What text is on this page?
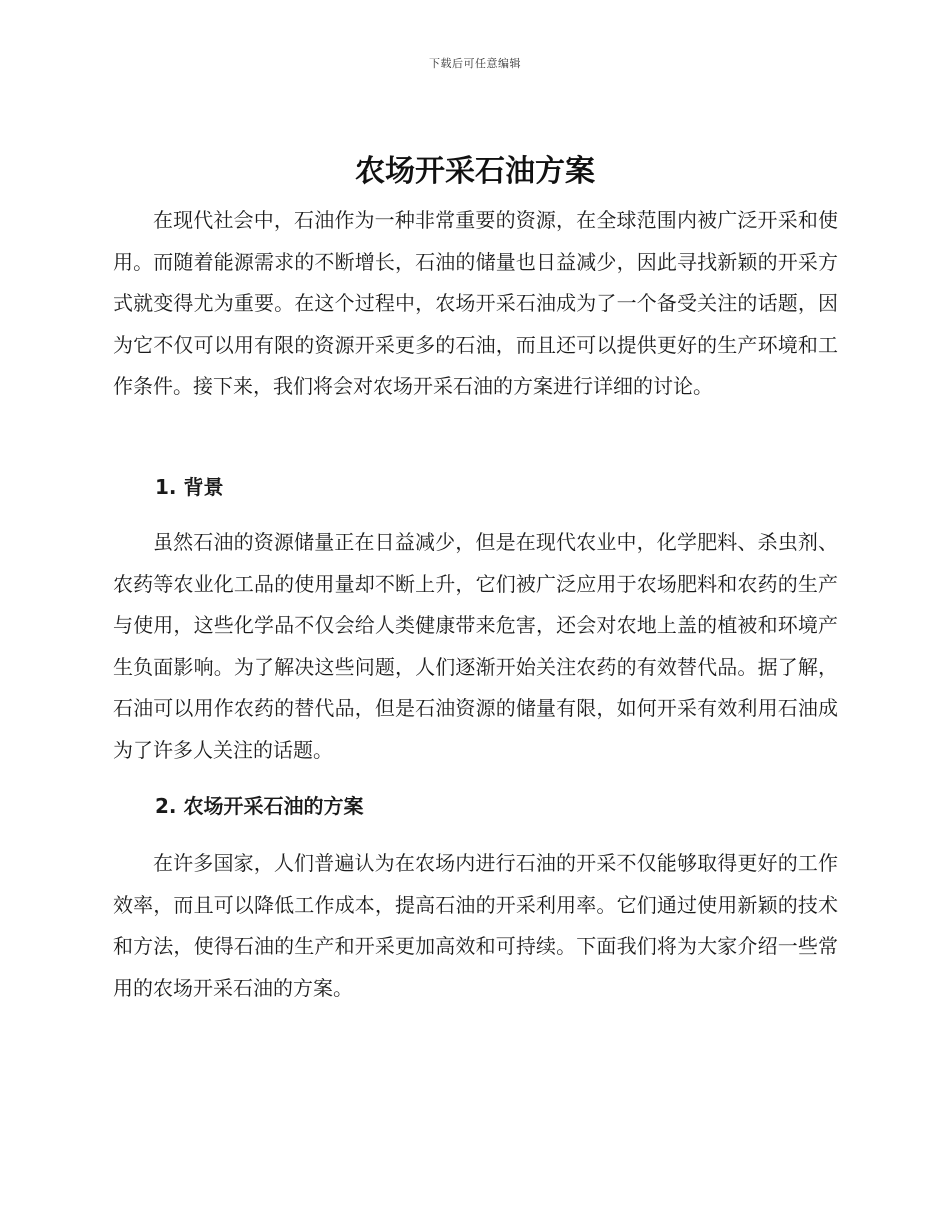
下载后可任意编辑
农场开采石油方案

在现代社会中，石油作为一种非常重要的资源，在全球范围内被广泛开采和使用。而随着能源需求的不断增长，石油的储量也日益减少，因此寻找新颖的开采方式就变得尤为重要。在这个过程中，农场开采石油成为了一个备受关注的话题，因为它不仅可以用有限的资源开采更多的石油，而且还可以提供更好的生产环境和工作条件。接下来，我们将会对农场开采石油的方案进行详细的讨论。

1. 背景

虽然石油的资源储量正在日益减少，但是在现代农业中，化学肥料、杀虫剂、农药等农业化工品的使用量却不断上升，它们被广泛应用于农场肥料和农药的生产与使用，这些化学品不仅会给人类健康带来危害，还会对农地上盖的植被和环境产生负面影响。为了解决这些问题，人们逐渐开始关注农药的有效替代品。据了解，石油可以用作农药的替代品，但是石油资源的储量有限，如何开采有效利用石油成为了许多人关注的话题。

2. 农场开采石油的方案

在许多国家，人们普遍认为在农场内进行石油的开采不仅能够取得更好的工作效率，而且可以降低工作成本，提高石油的开采利用率。它们通过使用新颖的技术和方法，使得石油的生产和开采更加高效和可持续。下面我们将为大家介绍一些常用的农场开采石油的方案。
